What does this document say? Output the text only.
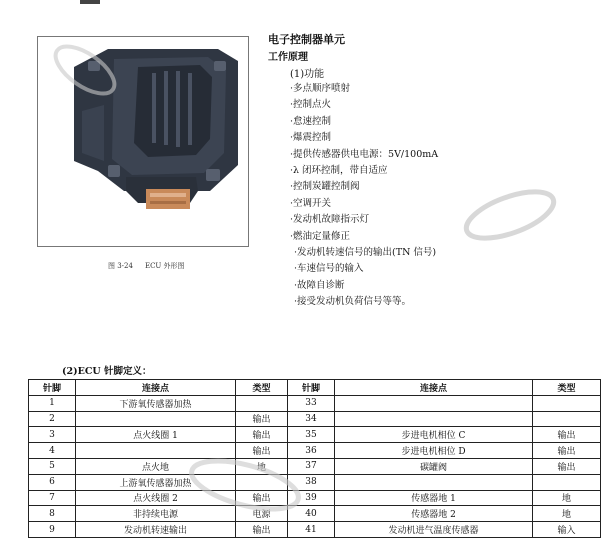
图 3-24 ECU 外形图
电子控制器单元
工作原理
(1)功能
·多点顺序喷射
·控制点火
·怠速控制
·爆震控制
·提供传感器供电电源：5V/100mA
·λ 闭环控制，带自适应
·控制炭罐控制阀
·空调开关
·发动机故障指示灯
·燃油定量修正
·发动机转速信号的输出(TN 信号)
·车速信号的输入
·故障自诊断
·接受发动机负荷信号等等。
(2)ECU 针脚定义：
针脚	连接点	类型	针脚	连接点	类型
1	下游氧传感器加热		33		
2		输出	34		
3	点火线圈 1	输出	35	步进电机相位 C	输出
4		输出	36	步进电机相位 D	输出
5	点火地	地	37	碳罐阀	输出
6	上游氧传感器加热		38		
7	点火线圈 2	输出	39	传感器地 1	地
8	非持续电源	电源	40	传感器地 2	地
9	发动机转速输出	输出	41	发动机进气温度传感器	输入
